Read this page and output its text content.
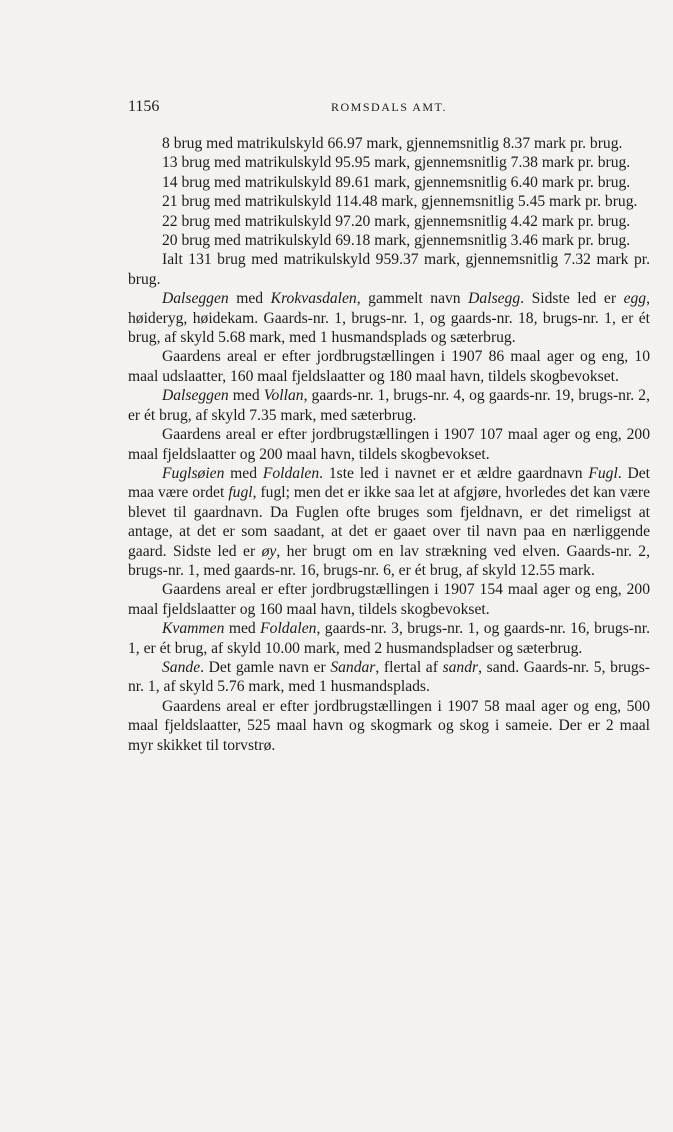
1156	ROMSDALS AMT.

8 brug med matrikulskyld 66.97 mark, gjennemsnitlig 8.37 mark pr. brug.

13 brug med matrikulskyld 95.95 mark, gjennemsnitlig 7.38 mark pr. brug.

14 brug med matrikulskyld 89.61 mark, gjennemsnitlig 6.40 mark pr. brug.

21 brug med matrikulskyld 114.48 mark, gjennemsnitlig 5.45 mark pr. brug.

22 brug med matrikulskyld 97.20 mark, gjennemsnitlig 4.42 mark pr. brug.

20 brug med matrikulskyld 69.18 mark, gjennemsnitlig 3.46 mark pr. brug.

Ialt 131 brug med matrikulskyld 959.37 mark, gjennemsnitlig 7.32 mark pr. brug.

Dalseggen med Krokvasdalen, gammelt navn Dalsegg. Sidste led er egg, høideryg, høidekam. Gaards-nr. 1, brugs-nr. 1, og gaards-nr. 18, brugs-nr. 1, er ét brug, af skyld 5.68 mark, med 1 husmandsplads og sæterbrug.

Gaardens areal er efter jordbrugstællingen i 1907 86 maal ager og eng, 10 maal udslaatter, 160 maal fjeldslaatter og 180 maal havn, tildels skogbevokset.

Dalseggen med Vollan, gaards-nr. 1, brugs-nr. 4, og gaards-nr. 19, brugs-nr. 2, er ét brug, af skyld 7.35 mark, med sæterbrug.

Gaardens areal er efter jordbrugstællingen i 1907 107 maal ager og eng, 200 maal fjeldslaatter og 200 maal havn, tildels skogbevokset.

Fuglsøien med Foldalen. 1ste led i navnet er et ældre gaardnavn Fugl. Det maa være ordet fugl, fugl; men det er ikke saa let at afgjøre, hvorledes det kan være blevet til gaardnavn. Da Fuglen ofte bruges som fjeldnavn, er det rimeligst at antage, at det er som saadant, at det er gaaet over til navn paa en nærliggende gaard. Sidste led er øy, her brugt om en lav strækning ved elven. Gaards-nr. 2, brugs-nr. 1, med gaards-nr. 16, brugs-nr. 6, er ét brug, af skyld 12.55 mark.

Gaardens areal er efter jordbrugstællingen i 1907 154 maal ager og eng, 200 maal fjeldslaatter og 160 maal havn, tildels skogbevokset.

Kvammen med Foldalen, gaards-nr. 3, brugs-nr. 1, og gaards-nr. 16, brugs-nr. 1, er ét brug, af skyld 10.00 mark, med 2 husmandspladser og sæterbrug.

Sande. Det gamle navn er Sandar, flertal af sandr, sand. Gaards-nr. 5, brugs-nr. 1, af skyld 5.76 mark, med 1 husmandsplads.

Gaardens areal er efter jordbrugstællingen i 1907 58 maal ager og eng, 500 maal fjeldslaatter, 525 maal havn og skogmark og skog i sameie. Der er 2 maal myr skikket til torvstrø.
